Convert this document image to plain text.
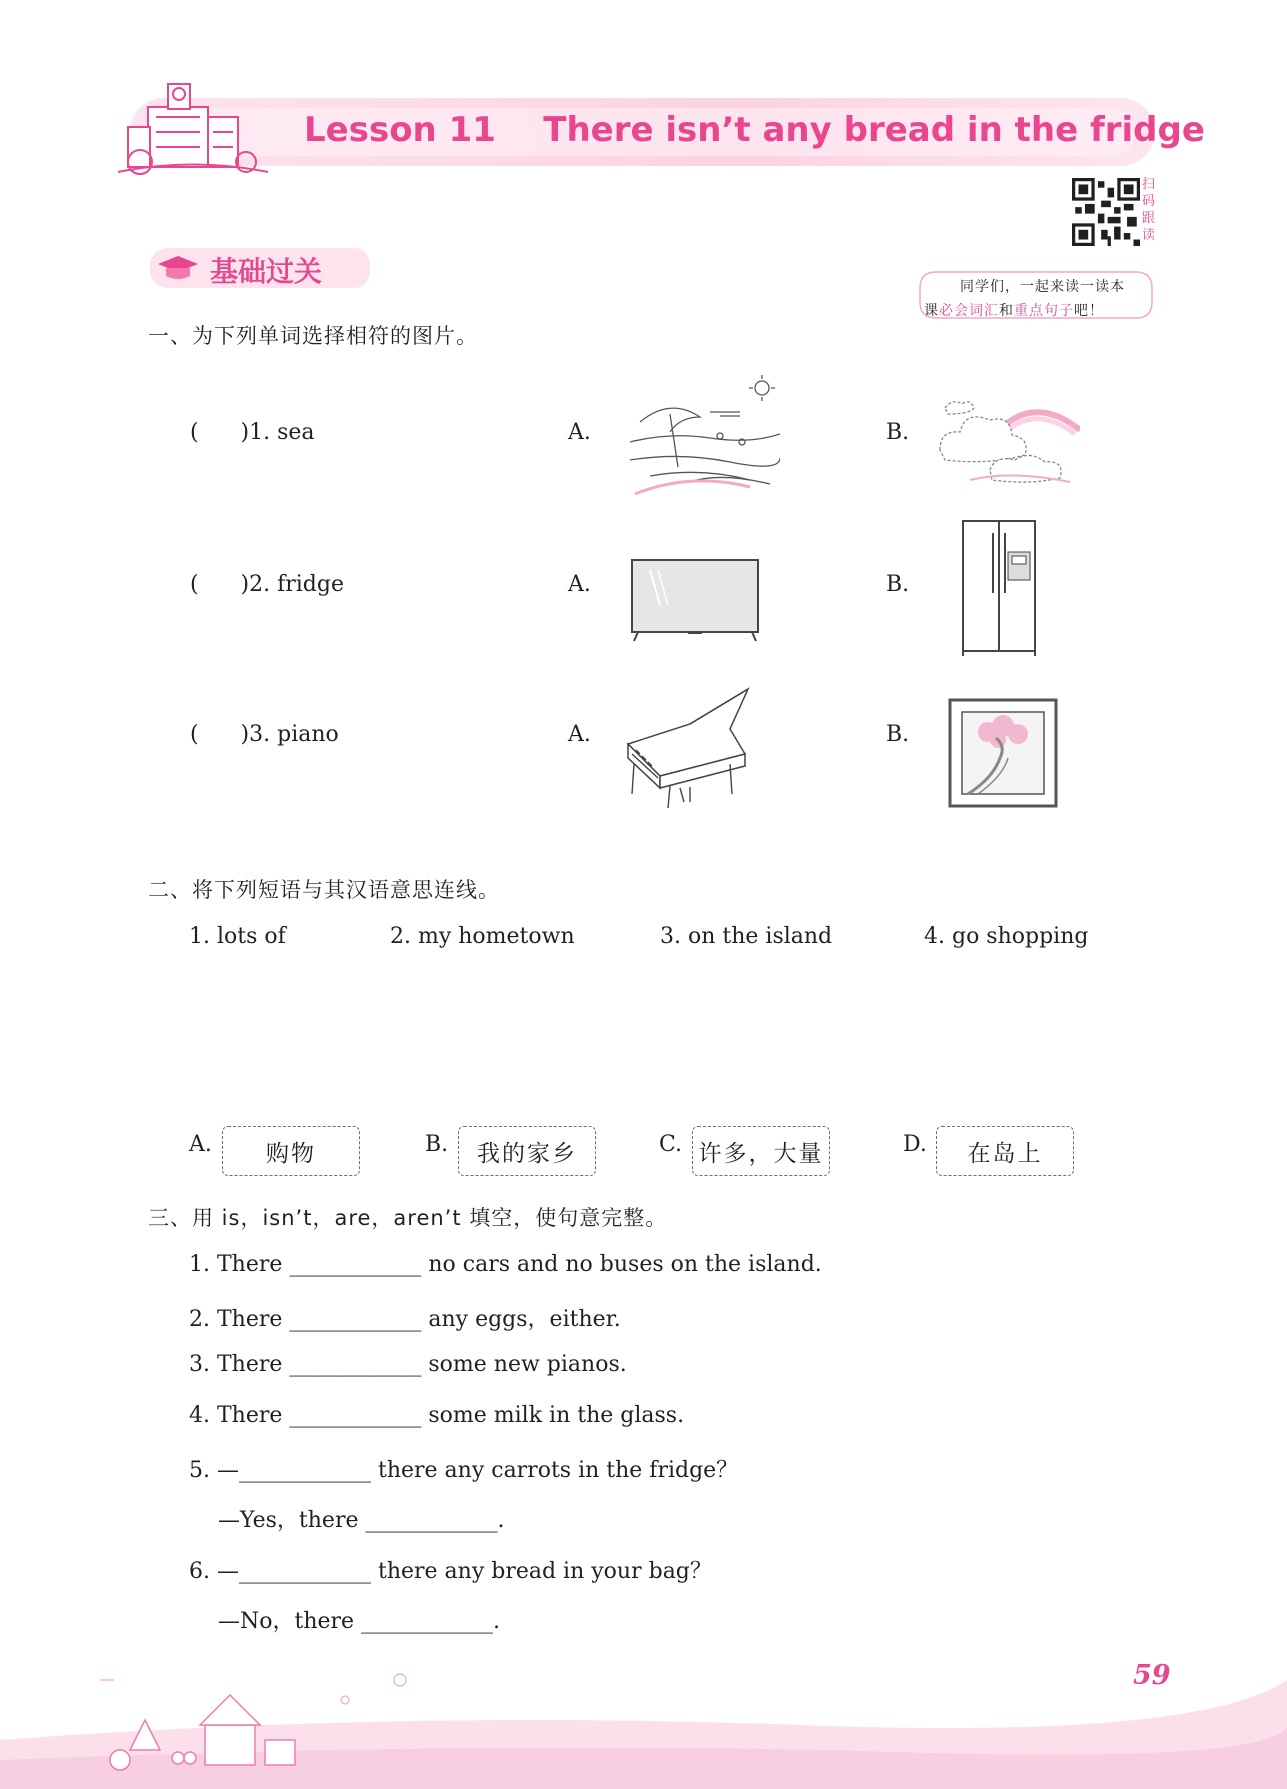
Lesson 11    There isn’t any bread in the fridge
扫码跟读
同学们，一起来读一读本
课必会词汇和重点句子吧！
基础过关
一、为下列单词选择相符的图片。
(      )1. sea	A.	B.
(      )2. fridge	A.	B.
(      )3. piano	A.	B.
二、将下列短语与其汉语意思连线。
1. lots of	2. my hometown	3. on the island	4. go shopping
A.	购物	B.	我的家乡	C. 许多，大量	D.	在岛上
三、用 is，isn’t，are，aren’t 填空，使句意完整。
1. There ____________ no cars and no buses on the island.
2. There ____________ any eggs，either.
3. There ____________ some new pianos.
4. There ____________ some milk in the glass.
5. —____________ there any carrots in the fridge？
—Yes，there ____________.
6. —____________ there any bread in your bag？
—No，there ____________.
59
